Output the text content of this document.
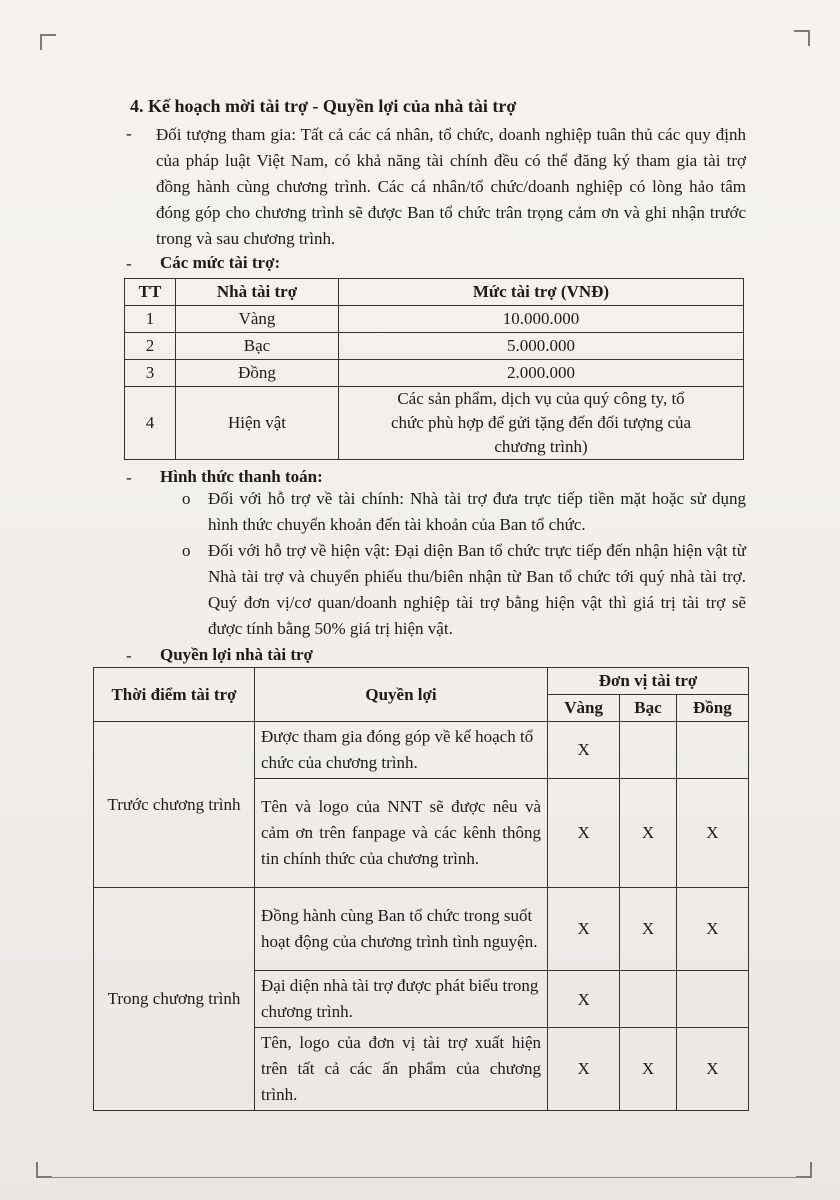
4. Kế hoạch mời tài trợ - Quyền lợi của nhà tài trợ
- Đối tượng tham gia: Tất cả các cá nhân, tổ chức, doanh nghiệp tuân thủ các quy định của pháp luật Việt Nam, có khả năng tài chính đều có thể đăng ký tham gia tài trợ đồng hành cùng chương trình. Các cá nhân/tổ chức/doanh nghiệp có lòng hảo tâm đóng góp cho chương trình sẽ được Ban tổ chức trân trọng cảm ơn và ghi nhận trước trong và sau chương trình.
- Các mức tài trợ:
TT	Nhà tài trợ	Mức tài trợ (VNĐ)
1	Vàng	10.000.000
2	Bạc	5.000.000
3	Đồng	2.000.000
4	Hiện vật	Các sản phẩm, dịch vụ của quý công ty, tổ chức phù hợp để gửi tặng đến đối tượng của chương trình)
- Hình thức thanh toán:
o Đối với hỗ trợ về tài chính: Nhà tài trợ đưa trực tiếp tiền mặt hoặc sử dụng hình thức chuyển khoản đến tài khoản của Ban tổ chức.
o Đối với hỗ trợ về hiện vật: Đại diện Ban tổ chức trực tiếp đến nhận hiện vật từ Nhà tài trợ và chuyển phiếu thu/biên nhận từ Ban tổ chức tới quý nhà tài trợ. Quý đơn vị/cơ quan/doanh nghiệp tài trợ bằng hiện vật thì giá trị tài trợ sẽ được tính bằng 50% giá trị hiện vật.
- Quyền lợi nhà tài trợ
Thời điểm tài trợ	Quyền lợi	Đơn vị tài trợ		
		Vàng	Bạc	Đồng
Trước chương trình	Được tham gia đóng góp về kế hoạch tổ chức của chương trình.	X		
	Tên và logo của NNT sẽ được nêu và cảm ơn trên fanpage và các kênh thông tin chính thức của chương trình.	X	X	X
Trong chương trình	Đồng hành cùng Ban tổ chức trong suốt hoạt động của chương trình tình nguyện.	X	X	X
	Đại diện nhà tài trợ được phát biểu trong chương trình.	X		
	Tên, logo của đơn vị tài trợ xuất hiện trên tất cả các ấn phẩm của chương trình.	X	X	X
